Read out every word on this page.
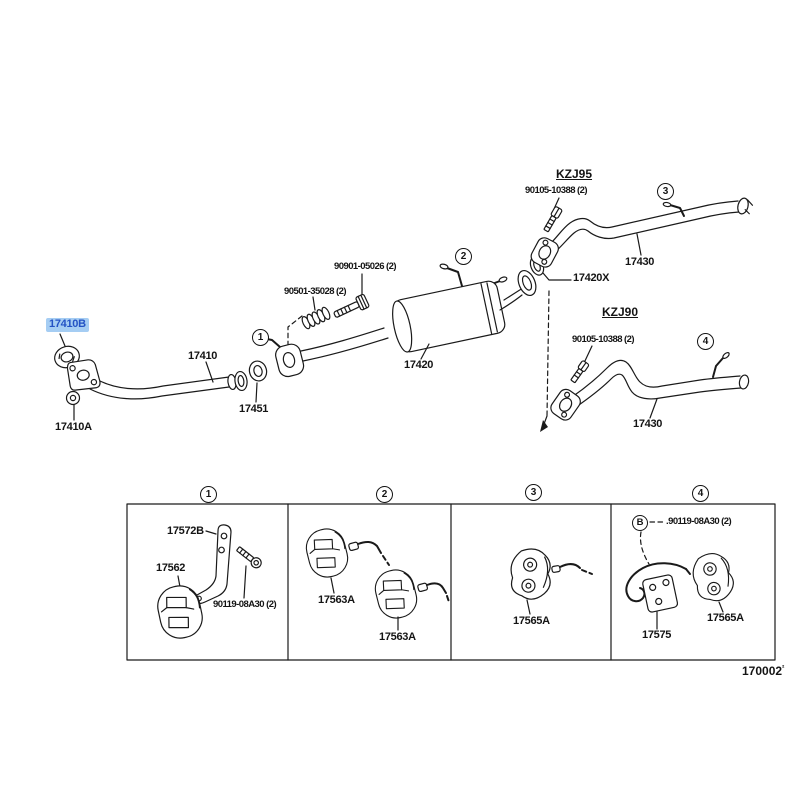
17410B
17410
17410A
17451
90501-35028 (2)
90901-05026 (2)
17420
17420X
KZJ95
90105-10388 (2)
17430
KZJ90
90105-10388 (2)
17430
1
2
3
4
1	2	3	4
17572B
17562
90119-08A30 (2)	17563A
17563A
17565A
B	.90119-08A30 (2)
17575
17565A
$170002^{^2}$
